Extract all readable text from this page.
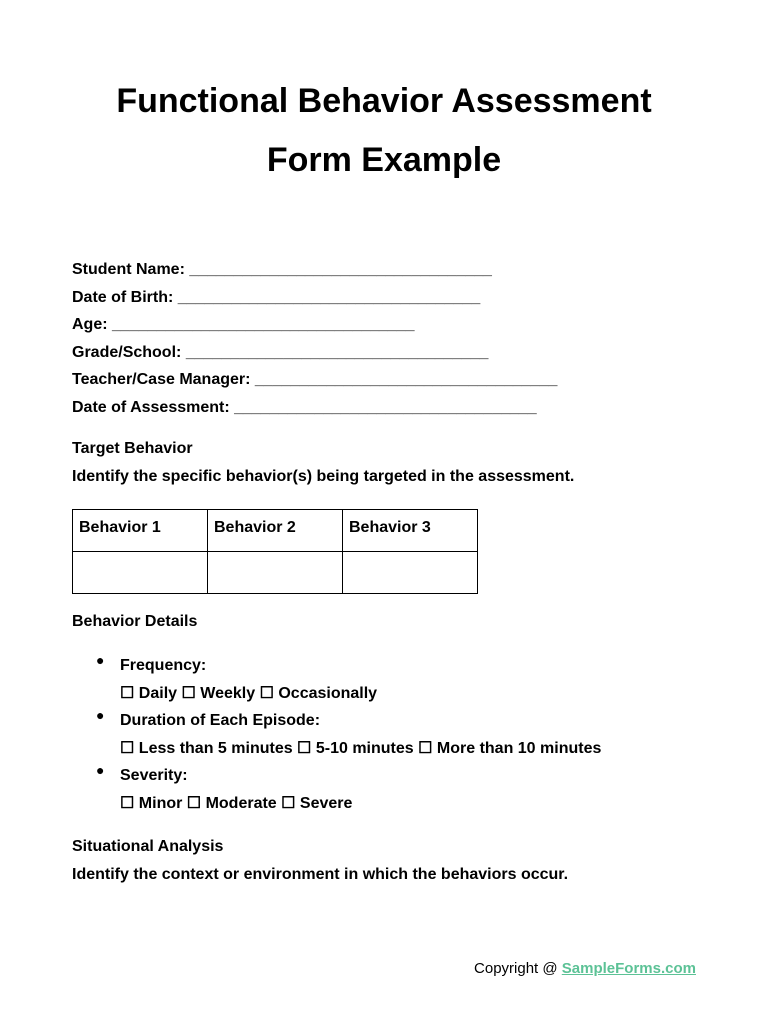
Functional Behavior Assessment
Form Example
Student Name: __________________________________
Date of Birth: __________________________________
Age: __________________________________
Grade/School: __________________________________
Teacher/Case Manager: __________________________________
Date of Assessment: __________________________________
Target Behavior
Identify the specific behavior(s) being targeted in the assessment.
Behavior 1	Behavior 2	Behavior 3

Behavior Details
● Frequency:
☐ Daily ☐ Weekly ☐ Occasionally
● Duration of Each Episode:
☐ Less than 5 minutes ☐ 5-10 minutes ☐ More than 10 minutes
● Severity:
☐ Minor ☐ Moderate ☐ Severe
Situational Analysis
Identify the context or environment in which the behaviors occur.
Copyright @ SampleForms.com
